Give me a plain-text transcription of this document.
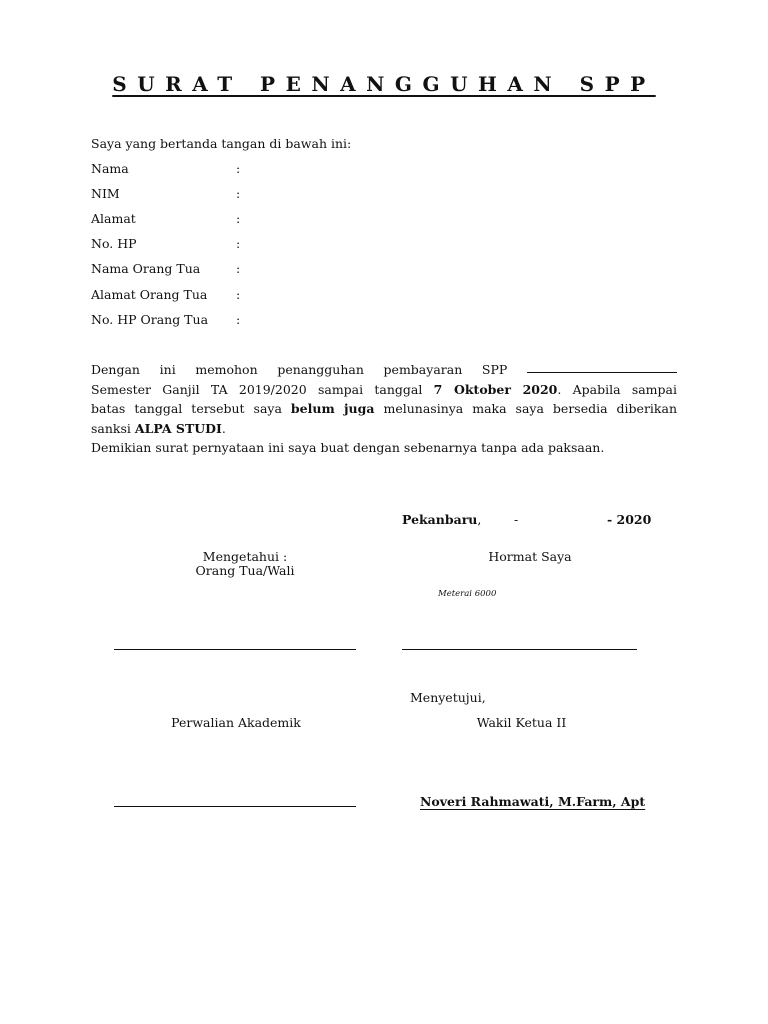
SURAT PENANGGUHAN SPP
Saya yang bertanda tangan di bawah ini:
Nama	:
NIM	:
Alamat	:
No. HP	:
Nama Orang Tua	:
Alamat Orang Tua :
No. HP Orang Tua :
Dengan ini memohon penangguhan pembayaran SPP
Semester Ganjil TA 2019/2020 sampai tanggal 7 Oktober 2020. Apabila sampai
batas tanggal tersebut saya belum juga melunasinya maka saya bersedia diberikan
sanksi ALPA STUDI.
Demikian surat pernyataan ini saya buat dengan sebenarnya tanpa ada paksaan.
Pekanbaru,	-	- 2020
Mengetahui :
Orang Tua/Wali
Hormat Saya
Meterai 6000
Menyetujui,
Perwalian Akademik	Wakil Ketua II
Noveri Rahmawati, M.Farm, Apt
